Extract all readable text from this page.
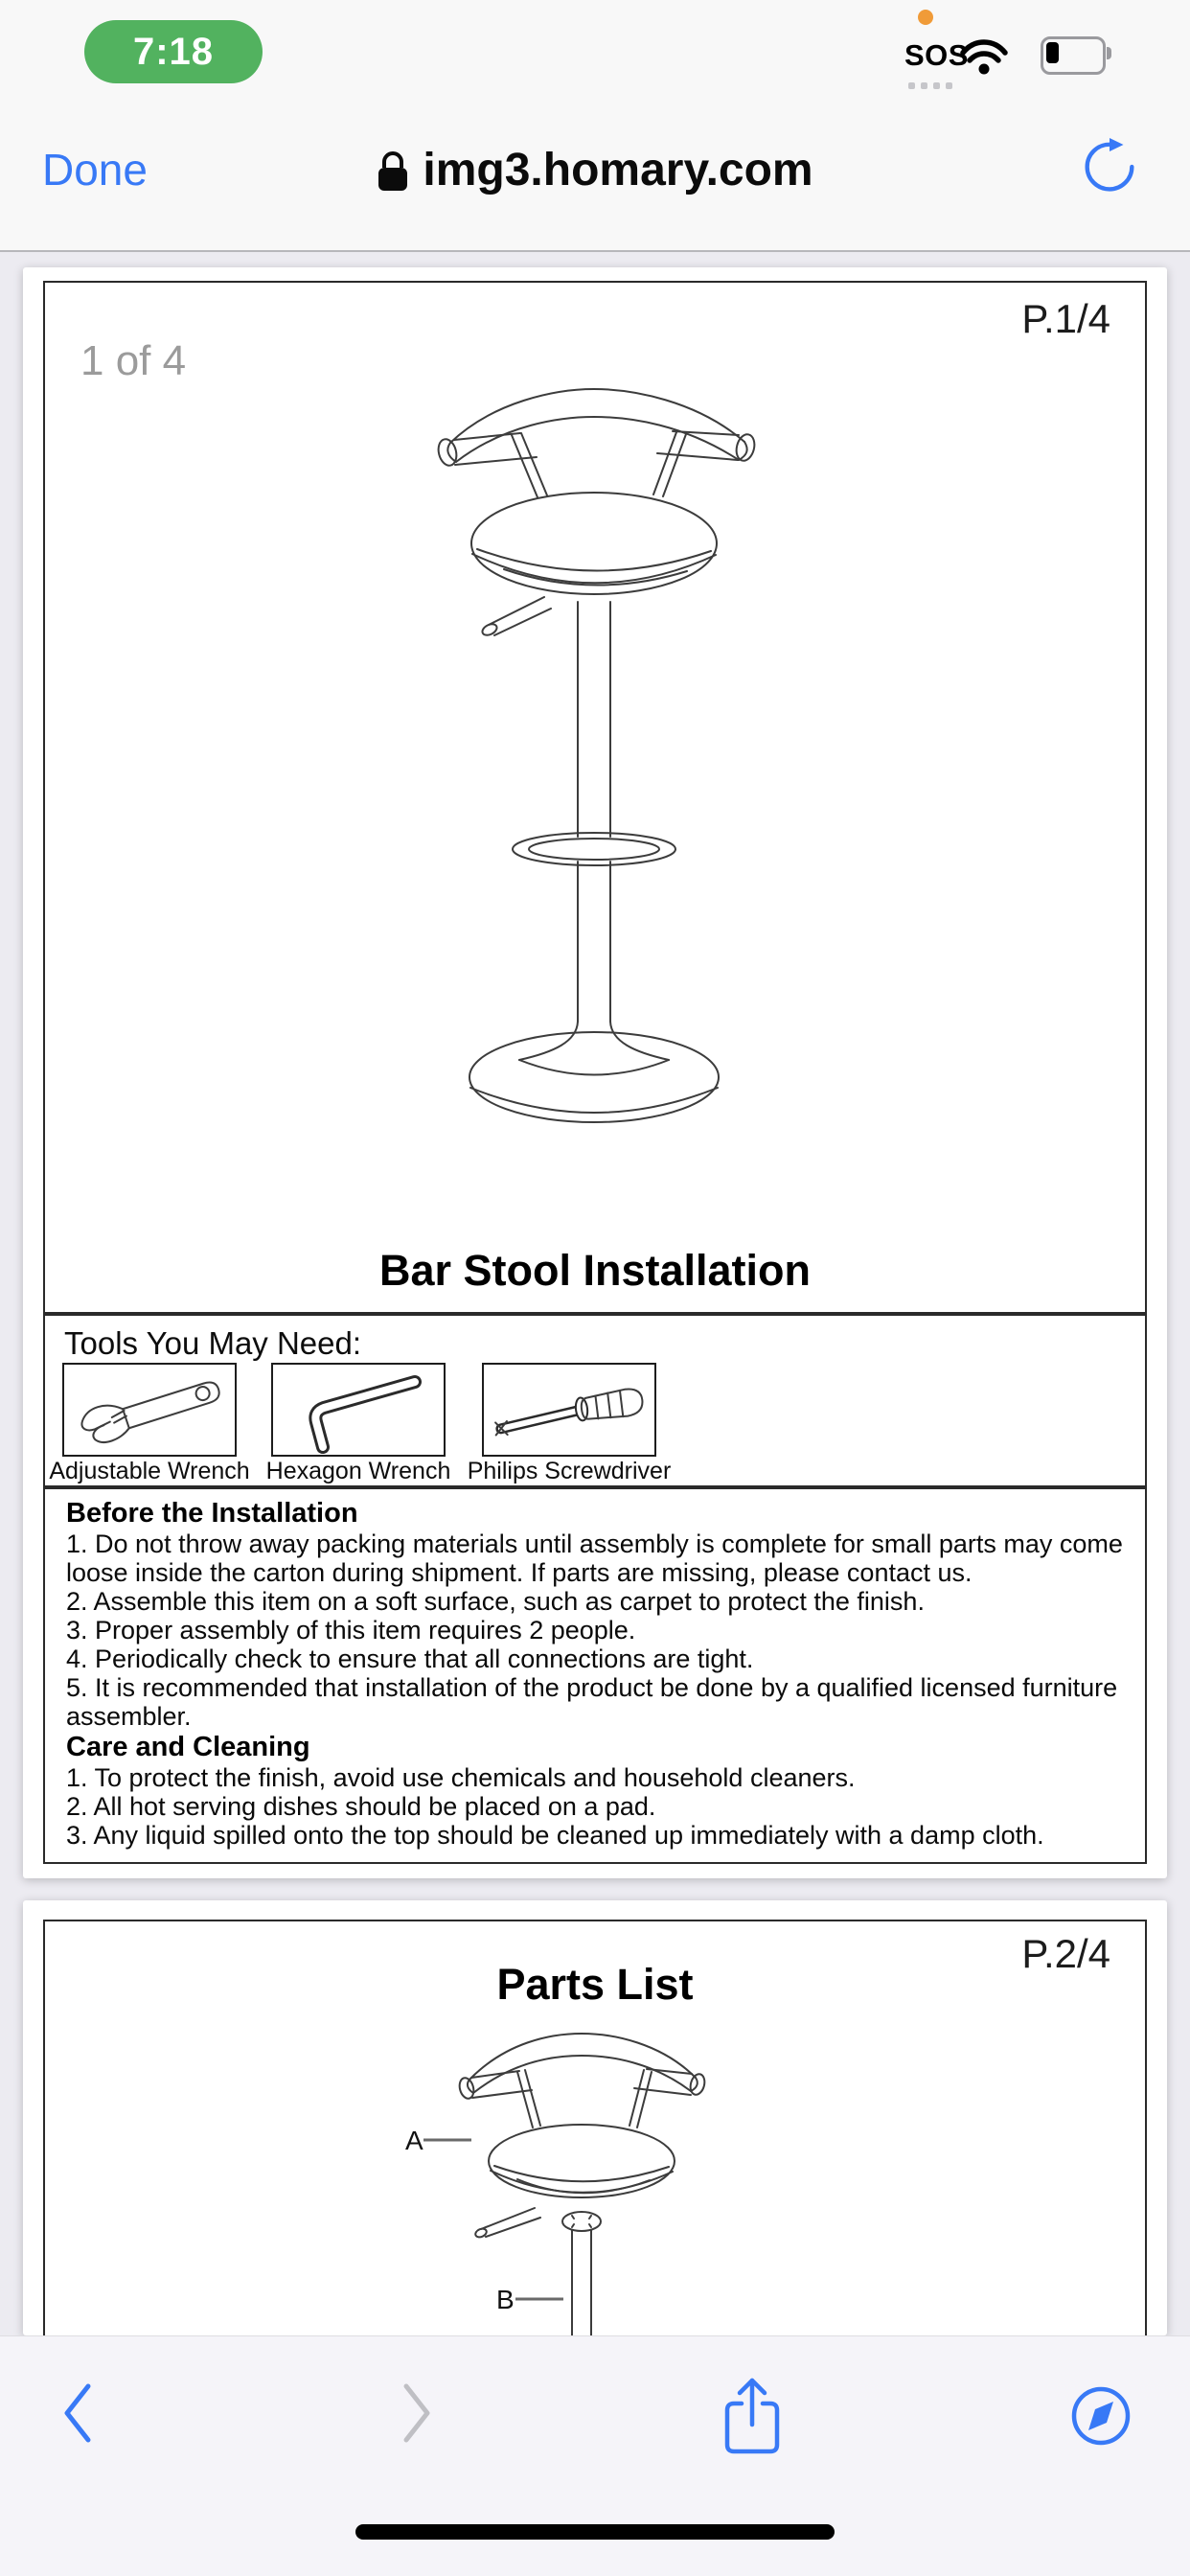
7:18	SOS
Done	img3.homary.com
1 of 4
P.1/4
Bar Stool Installation
Tools You May Need:
Adjustable Wrench Hexagon Wrench Philips Screwdriver
Before the Installation
1. Do not throw away packing materials until assembly is complete for small parts may come loose inside the carton during shipment. If parts are missing, please contact us.
2. Assemble this item on a soft surface, such as carpet to protect the finish.
3. Proper assembly of this item requires 2 people.
4. Periodically check to ensure that all connections are tight.
5. It is recommended that installation of the product be done by a qualified licensed furniture assembler.
Care and Cleaning
1. To protect the finish, avoid use chemicals and household cleaners.
2. All hot serving dishes should be placed on a pad.
3. Any liquid spilled onto the top should be cleaned up immediately with a damp cloth.
P.2/4
Parts List
A
B
